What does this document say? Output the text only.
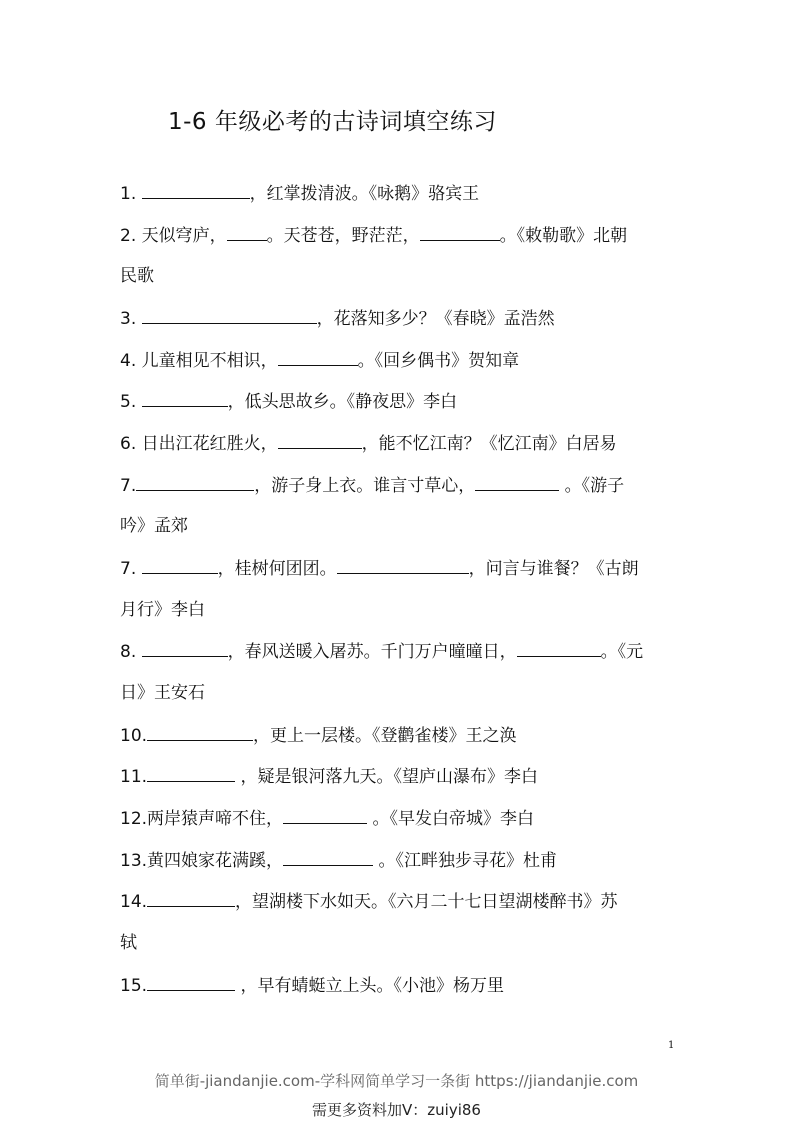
1-6 年级必考的古诗词填空练习
1.	，红掌拨清波。《咏鹅》骆宾王
2. 天似穹庐， 。天苍苍，野茫茫，	。《敕勒歌》北朝
民歌
3.	，花落知多少？《春晓》孟浩然
4. 儿童相见不相识，	。《回乡偶书》贺知章
5.	，低头思故乡。《静夜思》李白
6. 日出江花红胜火，	，能不忆江南？《忆江南》白居易
7.	，游子身上衣。谁言寸草心，	。《游子
吟》孟郊
7.	，桂树何团团。	，问言与谁餐？《古朗
月行》李白
8.	，春风送暖入屠苏。千门万户曈曈日，	。《元
日》王安石
10.	，更上一层楼。《登鹳雀楼》王之涣
11.	，疑是银河落九天。《望庐山瀑布》李白
12.两岸猿声啼不住，	。《早发白帝城》李白
13.黄四娘家花满蹊，	。《江畔独步寻花》杜甫
14.	，望湖楼下水如天。《六月二十七日望湖楼醉书》苏
轼
15.	，早有蜻蜓立上头。《小池》杨万里
1
简单街-jiandanjie.com-学科网简单学习一条街 https://jiandanjie.com
需更多资料加V：zuiyi86
